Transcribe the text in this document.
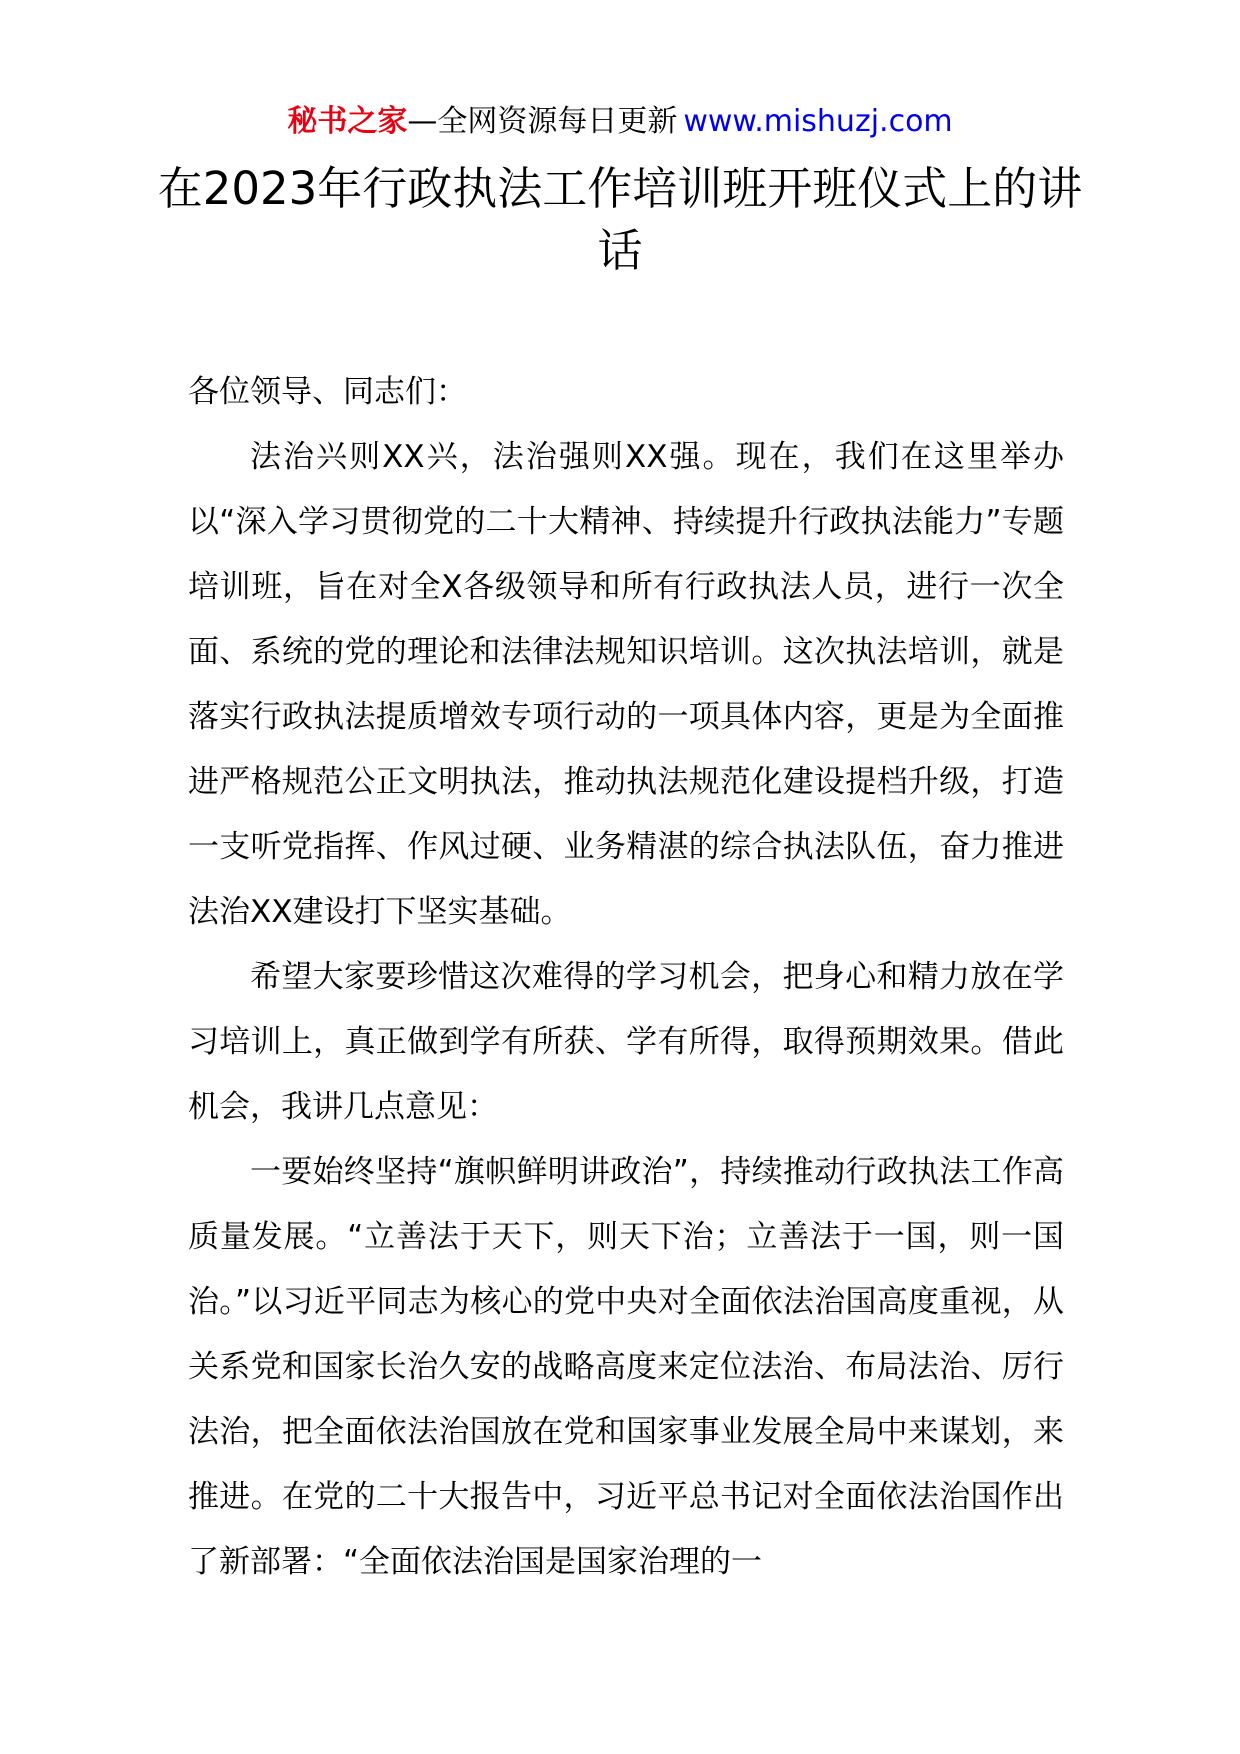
秘书之家—全网资源每日更新 www.mishuzj.com
在2023年行政执法工作培训班开班仪式上的讲话

各位领导、同志们：

法治兴则XX兴，法治强则XX强。现在，我们在这里举办以“深入学习贯彻党的二十大精神、持续提升行政执法能力”专题培训班，旨在对全X各级领导和所有行政执法人员，进行一次全面、系统的党的理论和法律法规知识培训。这次执法培训，就是落实行政执法提质增效专项行动的一项具体内容，更是为全面推进严格规范公正文明执法，推动执法规范化建设提档升级，打造一支听党指挥、作风过硬、业务精湛的综合执法队伍，奋力推进法治XX建设打下坚实基础。

希望大家要珍惜这次难得的学习机会，把身心和精力放在学习培训上，真正做到学有所获、学有所得，取得预期效果。借此机会，我讲几点意见：

一要始终坚持“旗帜鲜明讲政治”，持续推动行政执法工作高质量发展。“立善法于天下，则天下治；立善法于一国，则一国治。”以习近平同志为核心的党中央对全面依法治国高度重视，从关系党和国家长治久安的战略高度来定位法治、布局法治、厉行法治，把全面依法治国放在党和国家事业发展全局中来谋划，来推进。在党的二十大报告中，习近平总书记对全面依法治国作出了新部署：“全面依法治国是国家治理的一
